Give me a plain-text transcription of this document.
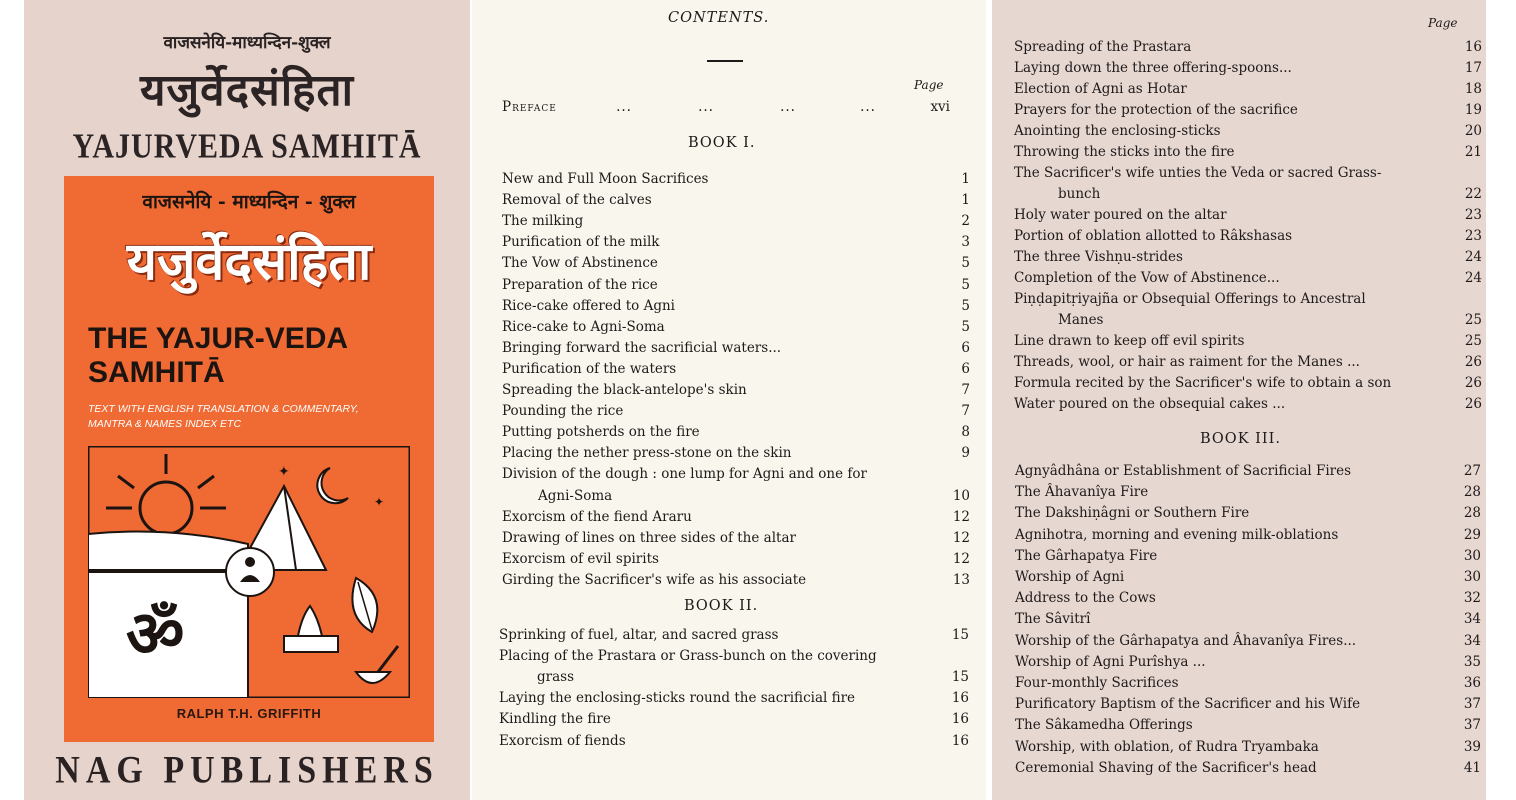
वाजसनेयि-माध्यन्दिन-शुक्ल
यजुर्वेदसंहिता
YAJURVEDA SAMHITĀ
वाजसनेयि - माध्यन्दिन - शुक्ल
यजुर्वेदसंहिता
THE YAJUR-VEDA
SAMHITĀ
TEXT WITH ENGLISH TRANSLATION & COMMENTARY,
MANTRA & NAMES INDEX ETC
✦
✦
ॐ
RALPH T.H. GRIFFITH
NAG PUBLISHERS
CONTENTS.
Page
Preface	...	...	...	...	xvi
BOOK I.
New and Full Moon Sacrifices	1
Removal of the calves	1
The milking	2
Purification of the milk	3
The Vow of Abstinence	5
Preparation of the rice	5
Rice-cake offered to Agni	5
Rice-cake to Agni-Soma	5
Bringing forward the sacrificial waters...	6
Purification of the waters	6
Spreading the black-antelope's skin	7
Pounding the rice	7
Putting potsherds on the fire	8
Placing the nether press-stone on the skin	9
Division of the dough : one lump for Agni and one for
Agni-Soma	10
Exorcism of the fiend Araru	12
Drawing of lines on three sides of the altar	12
Exorcism of evil spirits	12
Girding the Sacrificer's wife as his associate	13
BOOK II.
Sprinking of fuel, altar, and sacred grass	15
Placing of the Prastara or Grass-bunch on the covering
grass	15
Laying the enclosing-sticks round the sacrificial fire	16
Kindling the fire	16
Exorcism of fiends	16
Page
Spreading of the Prastara	16
Laying down the three offering-spoons...	17
Election of Agni as Hotar	18
Prayers for the protection of the sacrifice	19
Anointing the enclosing-sticks	20
Throwing the sticks into the fire	21
The Sacrificer's wife unties the Veda or sacred Grass-
bunch	22
Holy water poured on the altar	23
Portion of oblation allotted to Râkshasas	23
The three Vishṇu-strides	24
Completion of the Vow of Abstinence...	24
Piṇḍapitṛiyajña or Obsequial Offerings to Ancestral
Manes	25
Line drawn to keep off evil spirits	25
Threads, wool, or hair as raiment for the Manes ...	26
Formula recited by the Sacrificer's wife to obtain a son	26
Water poured on the obsequial cakes ...	26
BOOK III.
Agnyâdhâna or Establishment of Sacrificial Fires	27
The Âhavanîya Fire	28
The Dakshiṇâgni or Southern Fire	28
Agnihotra, morning and evening milk-oblations	29
The Gârhapatya Fire	30
Worship of Agni	30
Address to the Cows	32
The Sâvitrî	34
Worship of the Gârhapatya and Âhavanîya Fires...	34
Worship of Agni Purîshya ...	35
Four-monthly Sacrifices	36
Purificatory Baptism of the Sacrificer and his Wife	37
The Sâkamedha Offerings	37
Worship, with oblation, of Rudra Tryambaka	39
Ceremonial Shaving of the Sacrificer's head	41
